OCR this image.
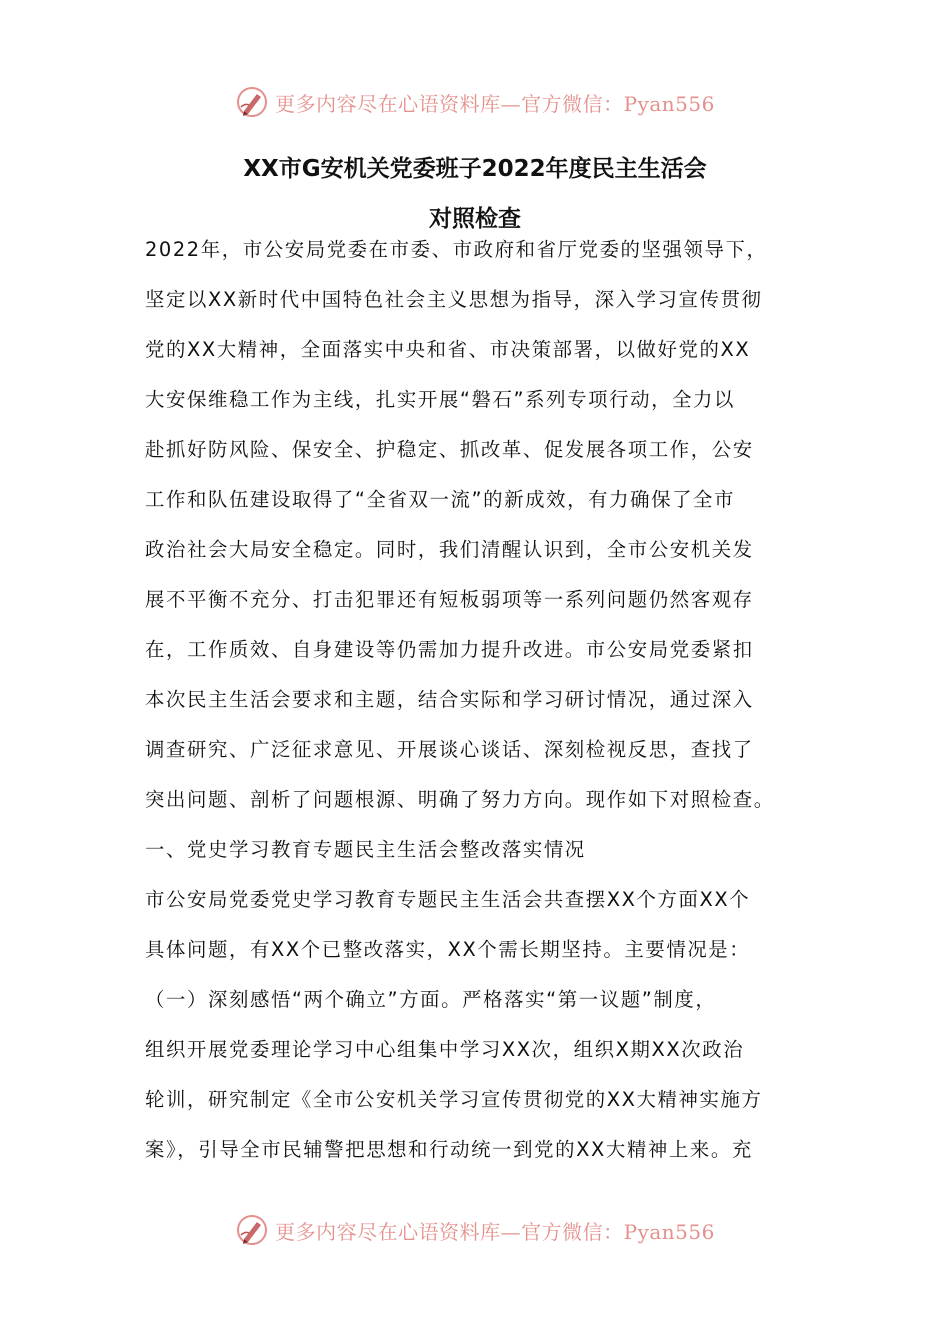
更多内容尽在心语资料库—官方微信：Pyan556
XX市G安机关党委班子2022年度民主生活会
对照检查
2022年，市公安局党委在市委、市政府和省厅党委的坚强领导下，
坚定以XX新时代中国特色社会主义思想为指导，深入学习宣传贯彻
党的XX大精神，全面落实中央和省、市决策部署，以做好党的XX
大安保维稳工作为主线，扎实开展“磐石”系列专项行动，全力以
赴抓好防风险、保安全、护稳定、抓改革、促发展各项工作，公安
工作和队伍建设取得了“全省双一流”的新成效，有力确保了全市
政治社会大局安全稳定。同时，我们清醒认识到，全市公安机关发
展不平衡不充分、打击犯罪还有短板弱项等一系列问题仍然客观存
在，工作质效、自身建设等仍需加力提升改进。市公安局党委紧扣
本次民主生活会要求和主题，结合实际和学习研讨情况，通过深入
调查研究、广泛征求意见、开展谈心谈话、深刻检视反思，查找了
突出问题、剖析了问题根源、明确了努力方向。现作如下对照检查。
一、党史学习教育专题民主生活会整改落实情况
市公安局党委党史学习教育专题民主生活会共查摆XX个方面XX个
具体问题，有XX个已整改落实，XX个需长期坚持。主要情况是：
（一）深刻感悟“两个确立”方面。严格落实“第一议题”制度，
组织开展党委理论学习中心组集中学习XX次，组织X期XX次政治
轮训，研究制定《全市公安机关学习宣传贯彻党的XX大精神实施方
案》，引导全市民辅警把思想和行动统一到党的XX大精神上来。充
更多内容尽在心语资料库—官方微信：Pyan556
